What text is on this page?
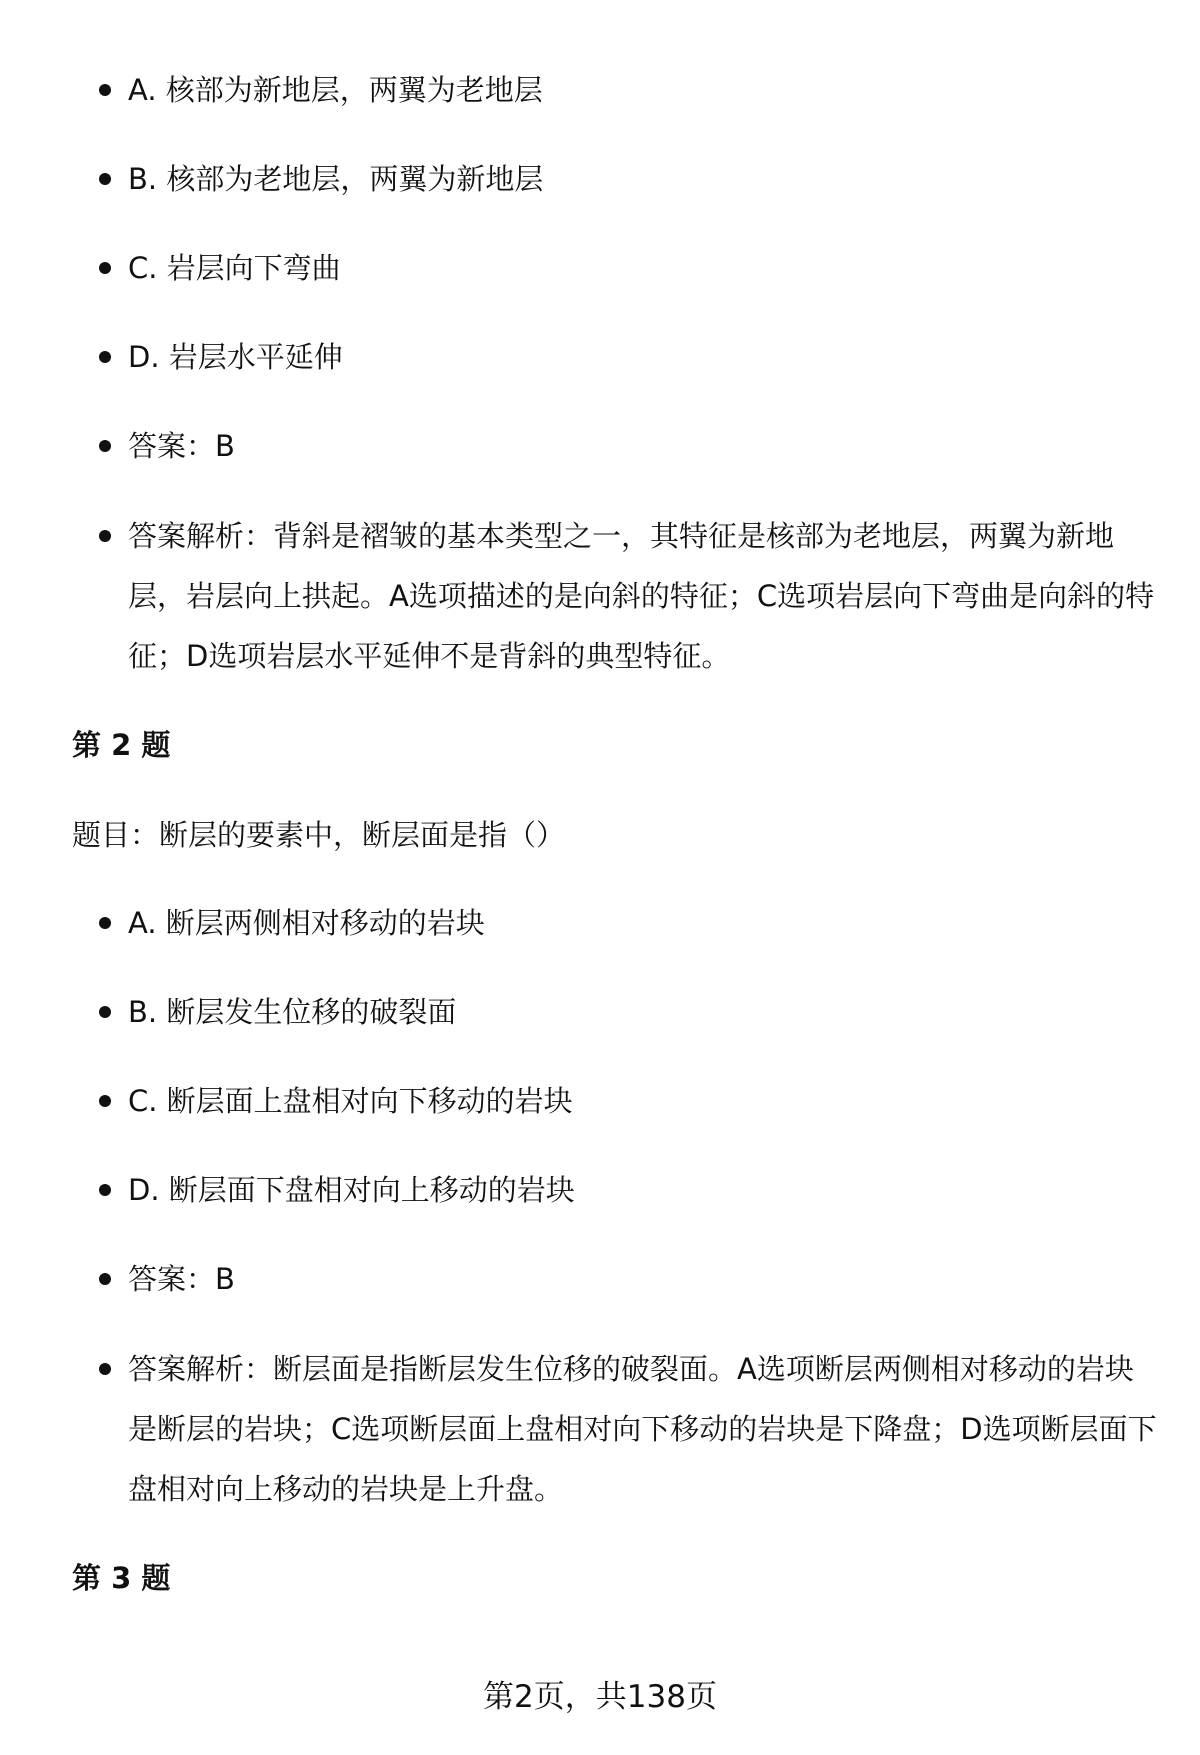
A. 核部为新地层，两翼为老地层
B. 核部为老地层，两翼为新地层
C. 岩层向下弯曲
D. 岩层水平延伸
答案：B
答案解析：背斜是褶皱的基本类型之一，其特征是核部为老地层，两翼为新地层，岩层向上拱起。A选项描述的是向斜的特征；C选项岩层向下弯曲是向斜的特征；D选项岩层水平延伸不是背斜的典型特征。
第 2 题
题目：断层的要素中，断层面是指（）
A. 断层两侧相对移动的岩块
B. 断层发生位移的破裂面
C. 断层面上盘相对向下移动的岩块
D. 断层面下盘相对向上移动的岩块
答案：B
答案解析：断层面是指断层发生位移的破裂面。A选项断层两侧相对移动的岩块是断层的岩块；C选项断层面上盘相对向下移动的岩块是下降盘；D选项断层面下盘相对向上移动的岩块是上升盘。
第 3 题
第2页，共138页
